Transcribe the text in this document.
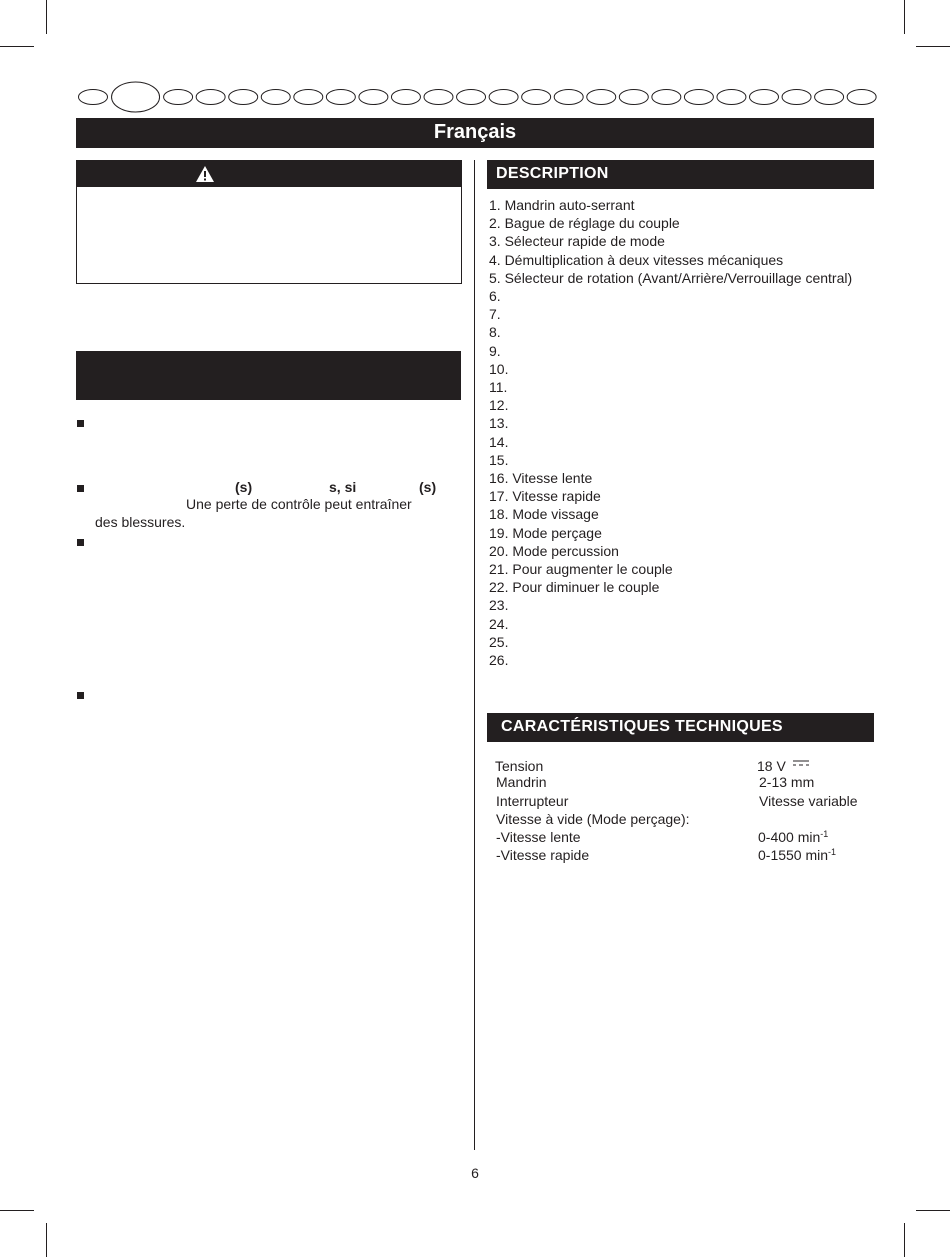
Français
(s)	s, si	(s)
Une perte de contrôle peut entraîner
des blessures.
DESCRIPTION
1. Mandrin auto-serrant
2. Bague de réglage du couple
3. Sélecteur rapide de mode
4. Démultiplication à deux vitesses mécaniques
5. Sélecteur de rotation (Avant/Arrière/Verrouillage central)
6.
7.
8.
9.
10.
11.
12.
13.
14.
15.
16. Vitesse lente
17. Vitesse rapide
18. Mode vissage
19. Mode perçage
20. Mode percussion
21. Pour augmenter le couple
22. Pour diminuer le couple
23.
24.
25.
26.
CARACTÉRISTIQUES TECHNIQUES
Tension	18 V
Mandrin	2-13 mm
Interrupteur	Vitesse variable
Vitesse à vide (Mode perçage):
-Vitesse lente	0-400 $\min^{-1}$
-Vitesse rapide	0-1550 $\min^{-1}$
6
